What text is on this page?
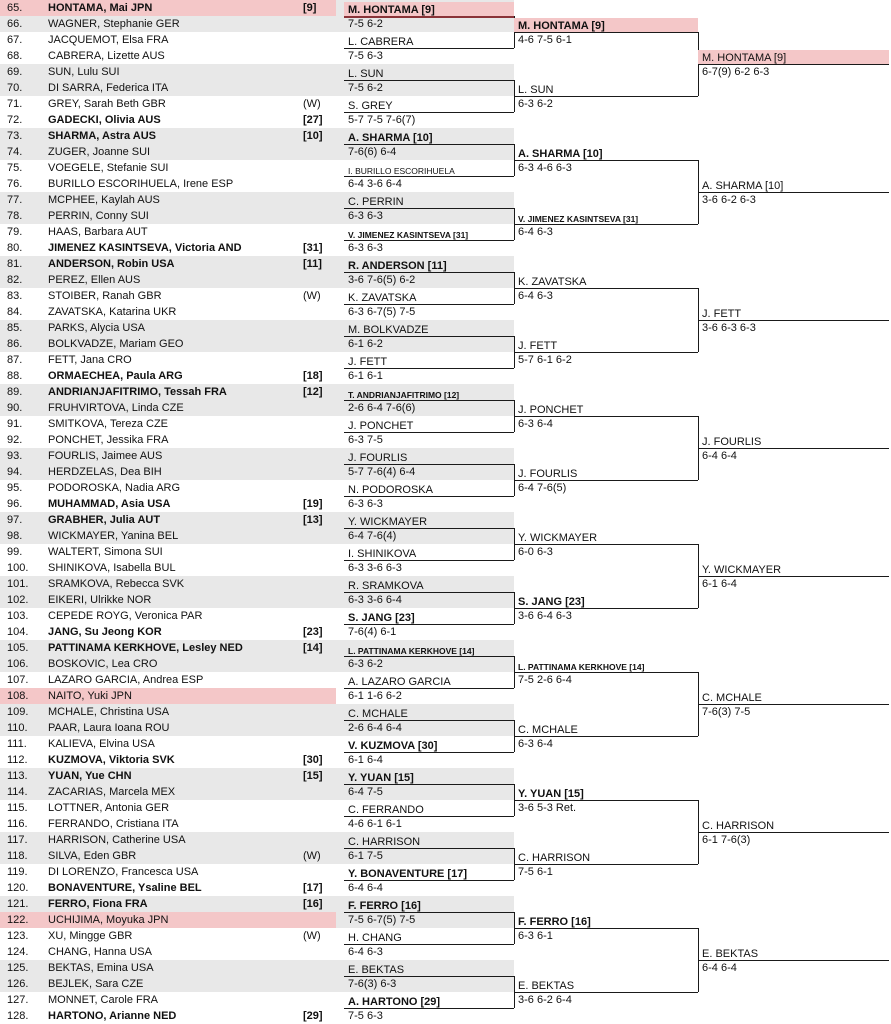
65.	HONTAMA, Mai JPN	[9]
66.	WAGNER, Stephanie GER
67.	JACQUEMOT, Elsa FRA
68.	CABRERA, Lizette AUS
69.	SUN, Lulu SUI
70.	DI SARRA, Federica ITA
71.	GREY, Sarah Beth GBR	(W)
72.	GADECKI, Olivia AUS	[27]
73.	SHARMA, Astra AUS	[10]
74.	ZUGER, Joanne SUI
75.	VOEGELE, Stefanie SUI
76.	BURILLO ESCORIHUELA, Irene ESP
77.	MCPHEE, Kaylah AUS
78.	PERRIN, Conny SUI
79.	HAAS, Barbara AUT
80.	JIMENEZ KASINTSEVA, Victoria AND	[31]
81.	ANDERSON, Robin USA	[11]
82.	PEREZ, Ellen AUS
83.	STOIBER, Ranah GBR	(W)
84.	ZAVATSKA, Katarina UKR
85.	PARKS, Alycia USA
86.	BOLKVADZE, Mariam GEO
87.	FETT, Jana CRO
88.	ORMAECHEA, Paula ARG	[18]
89.	ANDRIANJAFITRIMO, Tessah FRA	[12]
90.	FRUHVIRTOVA, Linda CZE
91.	SMITKOVA, Tereza CZE
92.	PONCHET, Jessika FRA
93.	FOURLIS, Jaimee AUS
94.	HERDZELAS, Dea BIH
95.	PODOROSKA, Nadia ARG
96.	MUHAMMAD, Asia USA	[19]
97.	GRABHER, Julia AUT	[13]
98.	WICKMAYER, Yanina BEL
99.	WALTERT, Simona SUI
100.	SHINIKOVA, Isabella BUL
101.	SRAMKOVA, Rebecca SVK
102.	EIKERI, Ulrikke NOR
103.	CEPEDE ROYG, Veronica PAR
104.	JANG, Su Jeong KOR	[23]
105.	PATTINAMA KERKHOVE, Lesley NED	[14]
106.	BOSKOVIC, Lea CRO
107.	LAZARO GARCIA, Andrea ESP
108.	NAITO, Yuki JPN
109.	MCHALE, Christina USA
110.	PAAR, Laura Ioana ROU
111.	KALIEVA, Elvina USA
112.	KUZMOVA, Viktoria SVK	[30]
113.	YUAN, Yue CHN	[15]
114.	ZACARIAS, Marcela MEX
115.	LOTTNER, Antonia GER
116.	FERRANDO, Cristiana ITA
117.	HARRISON, Catherine USA
118.	SILVA, Eden GBR	(W)
119.	DI LORENZO, Francesca USA
120.	BONAVENTURE, Ysaline BEL	[17]
121.	FERRO, Fiona FRA	[16]
122.	UCHIJIMA, Moyuka JPN
123.	XU, Mingge GBR	(W)
124.	CHANG, Hanna USA
125.	BEKTAS, Emina USA
126.	BEJLEK, Sara CZE
127.	MONNET, Carole FRA
128.	HARTONO, Arianne NED	[29]
M. HONTAMA [9]
7-5 6-2
L. CABRERA
7-5 6-3
L. SUN
7-5 6-2
S. GREY
5-7 7-5 7-6(7)
A. SHARMA [10]
7-6(6) 6-4
I. BURILLO ESCORIHUELA
6-4 3-6 6-4
C. PERRIN
6-3 6-3
V. JIMENEZ KASINTSEVA [31]
6-3 6-3
R. ANDERSON [11]
3-6 7-6(5) 6-2
K. ZAVATSKA
6-3 6-7(5) 7-5
M. BOLKVADZE
6-1 6-2
J. FETT
6-1 6-1
T. ANDRIANJAFITRIMO [12]
2-6 6-4 7-6(6)
J. PONCHET
6-3 7-5
J. FOURLIS
5-7 7-6(4) 6-4
N. PODOROSKA
6-3 6-3
Y. WICKMAYER
6-4 7-6(4)
I. SHINIKOVA
6-3 3-6 6-3
R. SRAMKOVA
6-3 3-6 6-4
S. JANG [23]
7-6(4) 6-1
L. PATTINAMA KERKHOVE [14]
6-3 6-2
A. LAZARO GARCIA
6-1 1-6 6-2
C. MCHALE
2-6 6-4 6-4
V. KUZMOVA [30]
6-1 6-4
Y. YUAN [15]
6-4 7-5
C. FERRANDO
4-6 6-1 6-1
C. HARRISON
6-1 7-5
Y. BONAVENTURE [17]
6-4 6-4
F. FERRO [16]
7-5 6-7(5) 7-5
H. CHANG
6-4 6-3
E. BEKTAS
7-6(3) 6-3
A. HARTONO [29]
7-5 6-3
M. HONTAMA [9]
4-6 7-5 6-1
L. SUN
6-3 6-2
A. SHARMA [10]
6-3 4-6 6-3
V. JIMENEZ KASINTSEVA [31]
6-4 6-3
K. ZAVATSKA
6-4 6-3
J. FETT
5-7 6-1 6-2
J. PONCHET
6-3 6-4
J. FOURLIS
6-4 7-6(5)
Y. WICKMAYER
6-0 6-3
S. JANG [23]
3-6 6-4 6-3
L. PATTINAMA KERKHOVE [14]
7-5 2-6 6-4
C. MCHALE
6-3 6-4
Y. YUAN [15]
3-6 5-3 Ret.
C. HARRISON
7-5 6-1
F. FERRO [16]
6-3 6-1
E. BEKTAS
3-6 6-2 6-4
M. HONTAMA [9]
6-7(9) 6-2 6-3
A. SHARMA [10]
3-6 6-2 6-3
J. FETT
3-6 6-3 6-3
J. FOURLIS
6-4 6-4
Y. WICKMAYER
6-1 6-4
C. MCHALE
7-6(3) 7-5
C. HARRISON
6-1 7-6(3)
E. BEKTAS
6-4 6-4
